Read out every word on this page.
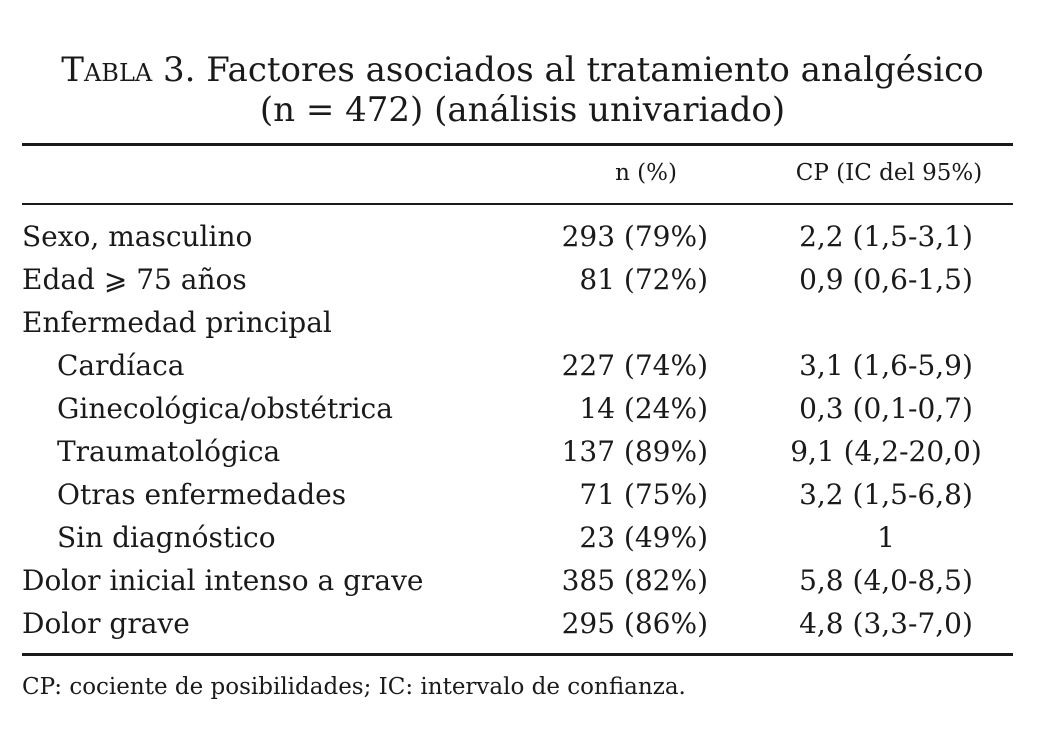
Tabla 3. Factores asociados al tratamiento analgésico
(n = 472) (análisis univariado)
n (%)	CP (IC del 95%)
Sexo, masculino	293 (79%)	2,2 (1,5-3,1)
Edad ⩾ 75 años	81 (72%)	0,9 (0,6-1,5)
Enfermedad principal
Cardíaca	227 (74%)	3,1 (1,6-5,9)
Ginecológica/obstétrica	14 (24%)	0,3 (0,1-0,7)
Traumatológica	137 (89%)	9,1 (4,2-20,0)
Otras enfermedades	71 (75%)	3,2 (1,5-6,8)
Sin diagnóstico	23 (49%)	1
Dolor inicial intenso a grave	385 (82%)	5,8 (4,0-8,5)
Dolor grave	295 (86%)	4,8 (3,3-7,0)
CP: cociente de posibilidades; IC: intervalo de confianza.
